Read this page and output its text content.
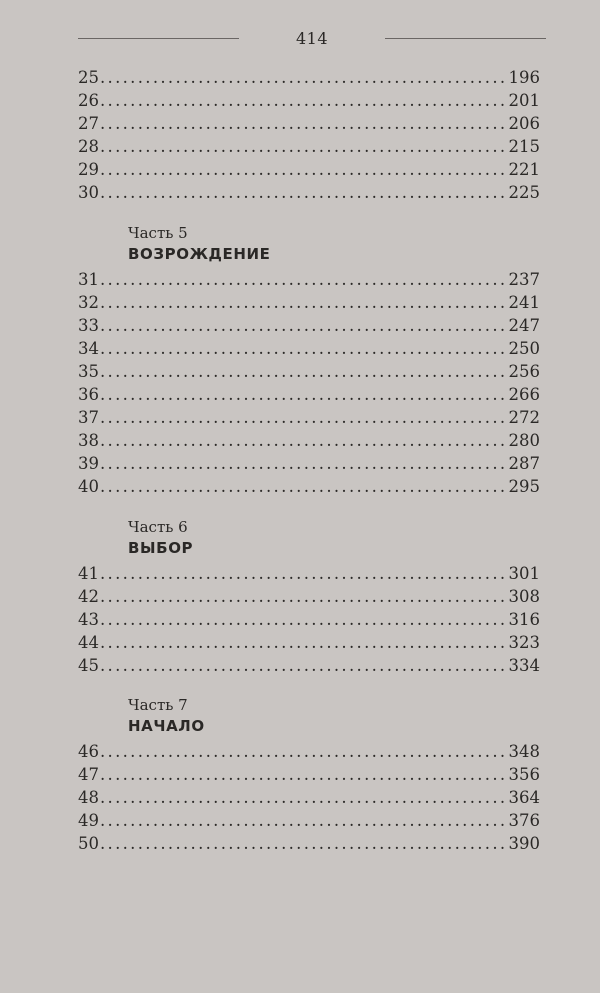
414
25 .....	196
26 .....	201
27 .....	206
28 .....	215
29 .....	221
30 .....	225
Часть 5
ВОЗРОЖДЕНИЕ
31 .....	237
32 .....	241
33 .....	247
34 .....	250
35 .....	256
36 .....	266
37 .....	272
38 .....	280
39 .....	287
40 .....	295
Часть 6
ВЫБОР
41 .....	301
42 .....	308
43 .....	316
44 .....	323
45 .....	334
Часть 7
НАЧАЛО
46 .....	348
47 .....	356
48 .....	364
49 .....	376
50 .....	390
